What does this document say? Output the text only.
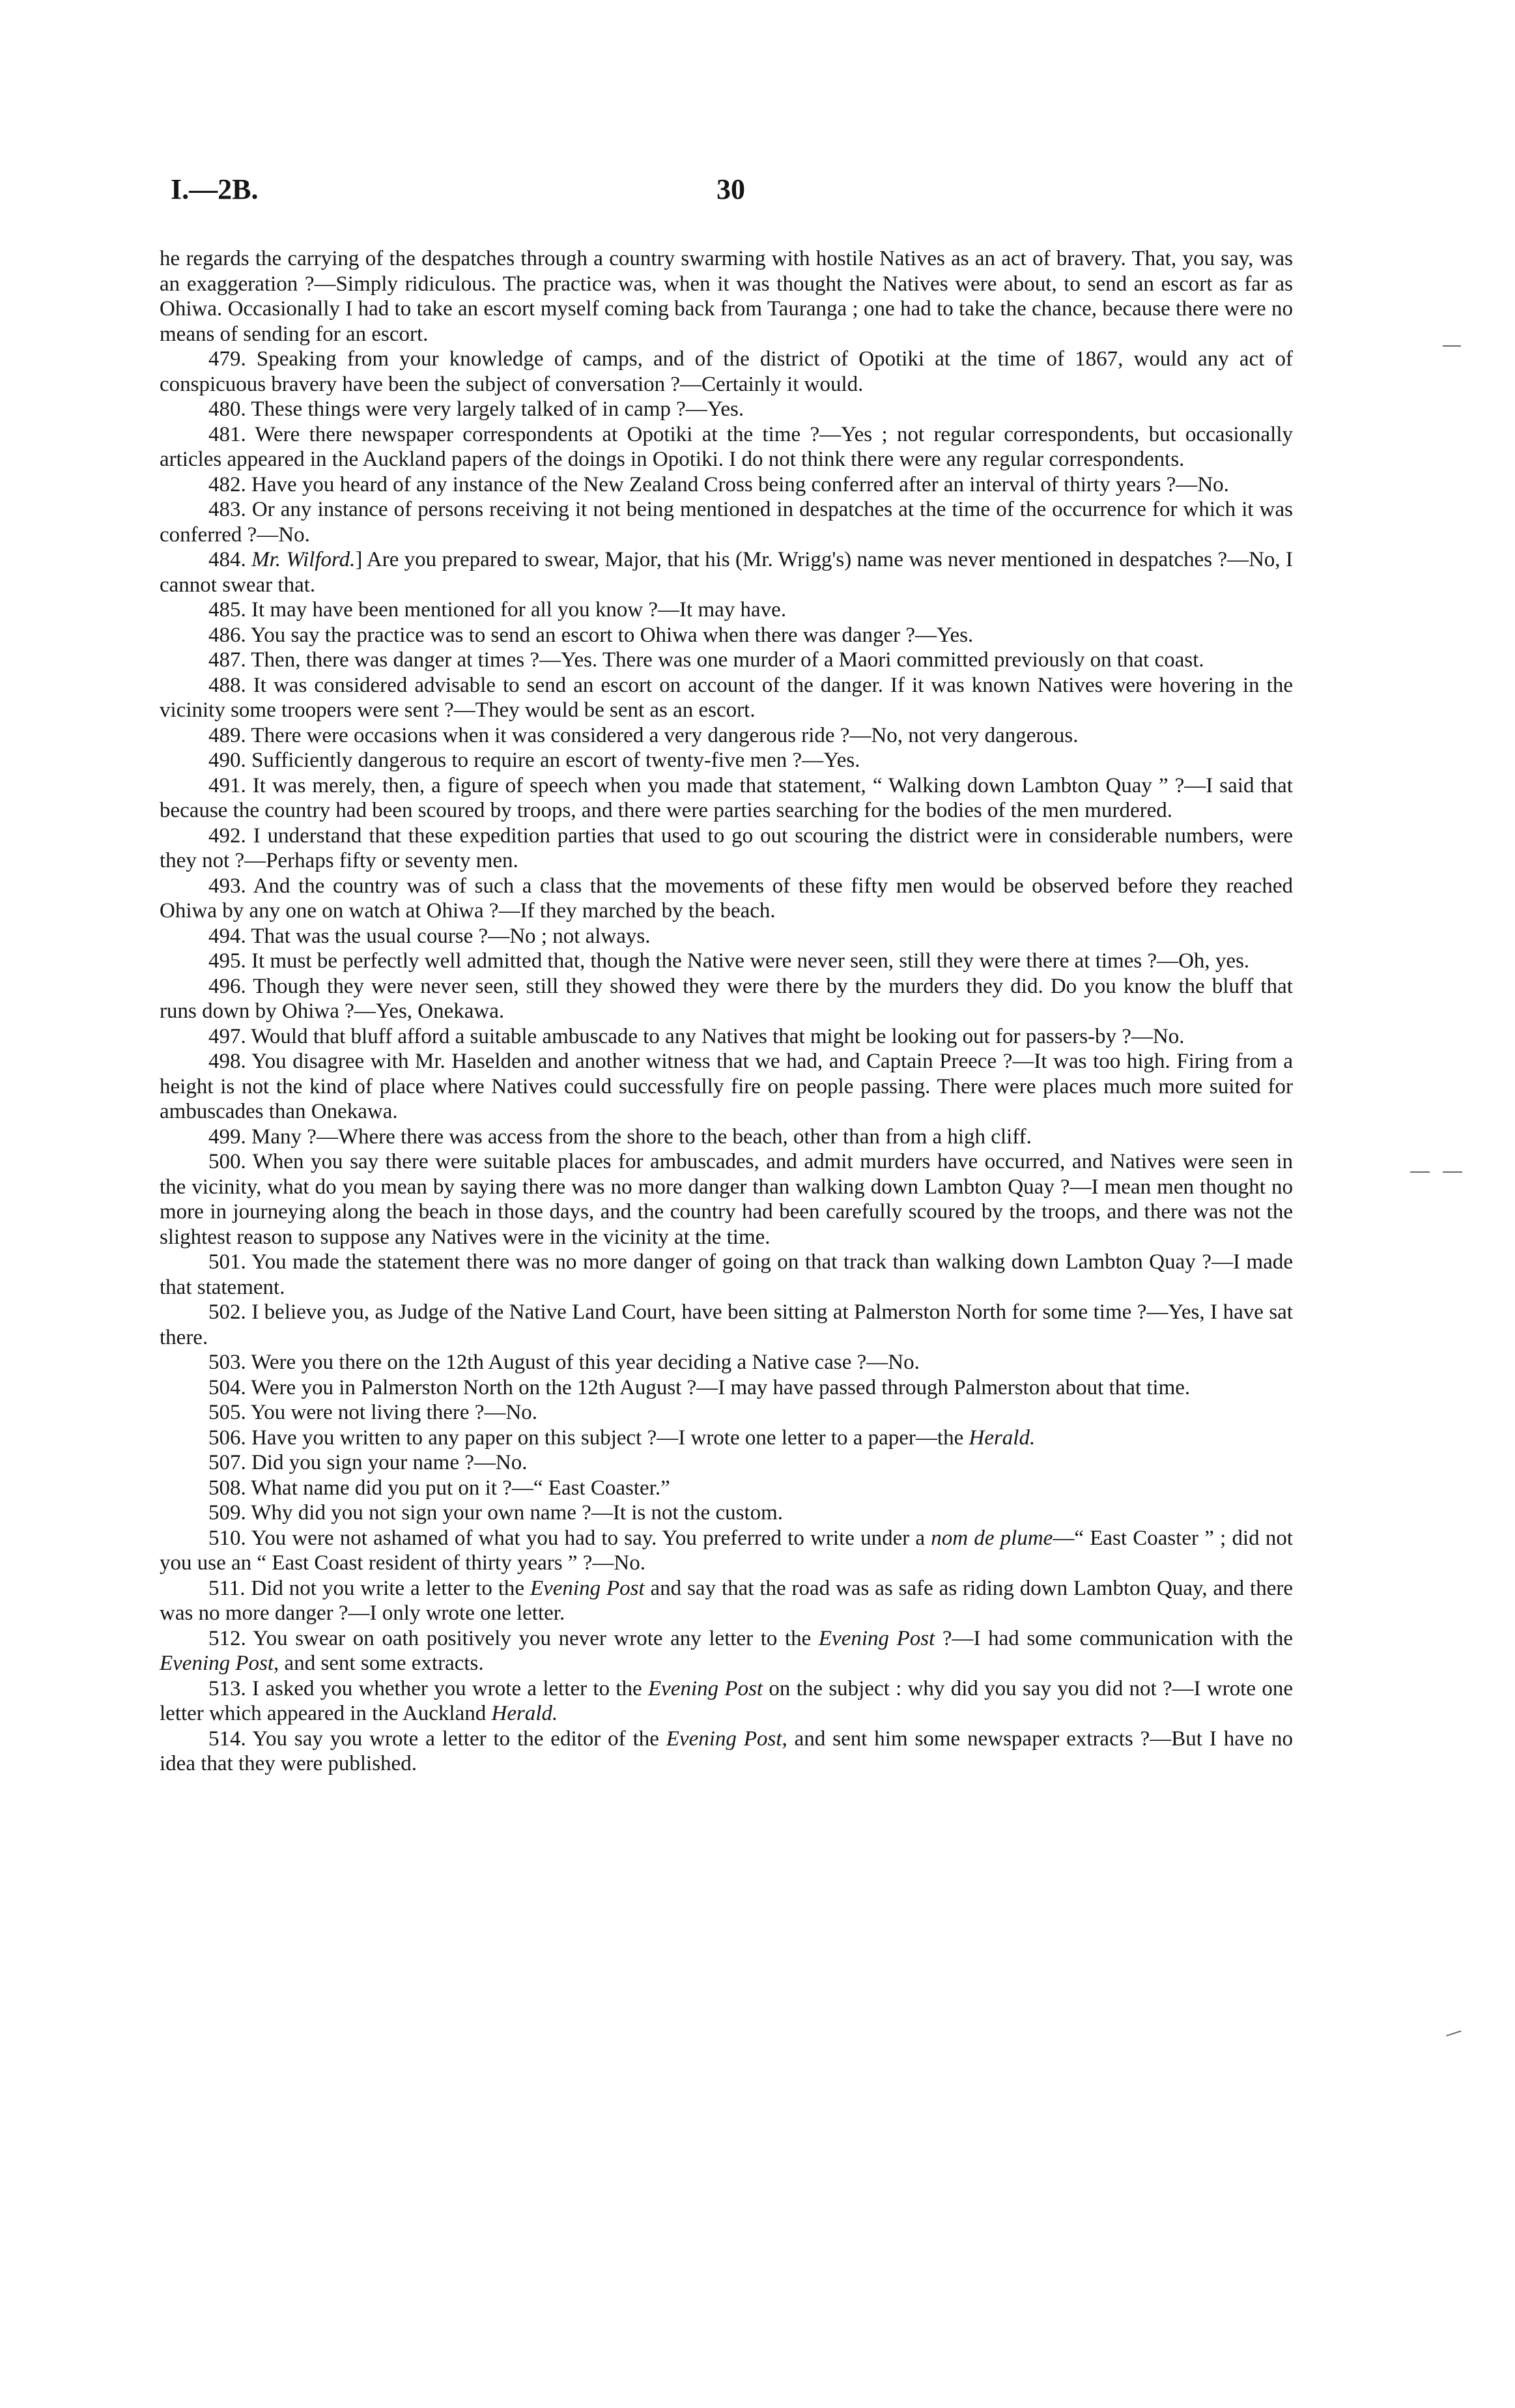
I.—2B.	30

he regards the carrying of the despatches through a country swarming with hostile Natives as an act of bravery. That, you say, was an exaggeration ?—Simply ridiculous. The practice was, when it was thought the Natives were about, to send an escort as far as Ohiwa. Occasionally I had to take an escort myself coming back from Tauranga ; one had to take the chance, because there were no means of sending for an escort.

479. Speaking from your knowledge of camps, and of the district of Opotiki at the time of 1867, would any act of conspicuous bravery have been the subject of conversation ?—Certainly it would.

480. These things were very largely talked of in camp ?—Yes.

481. Were there newspaper correspondents at Opotiki at the time ?—Yes ; not regular correspondents, but occasionally articles appeared in the Auckland papers of the doings in Opotiki. I do not think there were any regular correspondents.

482. Have you heard of any instance of the New Zealand Cross being conferred after an interval of thirty years ?—No.

483. Or any instance of persons receiving it not being mentioned in despatches at the time of the occurrence for which it was conferred ?—No.

484. Mr. Wilford.] Are you prepared to swear, Major, that his (Mr. Wrigg's) name was never mentioned in despatches ?—No, I cannot swear that.

485. It may have been mentioned for all you know ?—It may have.

486. You say the practice was to send an escort to Ohiwa when there was danger ?—Yes.

487. Then, there was danger at times ?—Yes. There was one murder of a Maori committed previously on that coast.

488. It was considered advisable to send an escort on account of the danger. If it was known Natives were hovering in the vicinity some troopers were sent ?—They would be sent as an escort.

489. There were occasions when it was considered a very dangerous ride ?—No, not very dangerous.

490. Sufficiently dangerous to require an escort of twenty-five men ?—Yes.

491. It was merely, then, a figure of speech when you made that statement, “ Walking down Lambton Quay ” ?—I said that because the country had been scoured by troops, and there were parties searching for the bodies of the men murdered.

492. I understand that these expedition parties that used to go out scouring the district were in considerable numbers, were they not ?—Perhaps fifty or seventy men.

493. And the country was of such a class that the movements of these fifty men would be observed before they reached Ohiwa by any one on watch at Ohiwa ?—If they marched by the beach.

494. That was the usual course ?—No ; not always.

495. It must be perfectly well admitted that, though the Native were never seen, still they were there at times ?—Oh, yes.

496. Though they were never seen, still they showed they were there by the murders they did. Do you know the bluff that runs down by Ohiwa ?—Yes, Onekawa.

497. Would that bluff afford a suitable ambuscade to any Natives that might be looking out for passers-by ?—No.

498. You disagree with Mr. Haselden and another witness that we had, and Captain Preece ?—It was too high. Firing from a height is not the kind of place where Natives could successfully fire on people passing. There were places much more suited for ambuscades than Onekawa.

499. Many ?—Where there was access from the shore to the beach, other than from a high cliff.

500. When you say there were suitable places for ambuscades, and admit murders have occurred, and Natives were seen in the vicinity, what do you mean by saying there was no more danger than walking down Lambton Quay ?—I mean men thought no more in journeying along the beach in those days, and the country had been carefully scoured by the troops, and there was not the slightest reason to suppose any Natives were in the vicinity at the time.

501. You made the statement there was no more danger of going on that track than walking down Lambton Quay ?—I made that statement.

502. I believe you, as Judge of the Native Land Court, have been sitting at Palmerston North for some time ?—Yes, I have sat there.

503. Were you there on the 12th August of this year deciding a Native case ?—No.

504. Were you in Palmerston North on the 12th August ?—I may have passed through Palmerston about that time.

505. You were not living there ?—No.

506. Have you written to any paper on this subject ?—I wrote one letter to a paper—the Herald.

507. Did you sign your name ?—No.

508. What name did you put on it ?—“ East Coaster.”

509. Why did you not sign your own name ?—It is not the custom.

510. You were not ashamed of what you had to say. You preferred to write under a nom de plume—“ East Coaster ” ; did not you use an “ East Coast resident of thirty years ” ?—No.

511. Did not you write a letter to the Evening Post and say that the road was as safe as riding down Lambton Quay, and there was no more danger ?—I only wrote one letter.

512. You swear on oath positively you never wrote any letter to the Evening Post ?—I had some communication with the Evening Post, and sent some extracts.

513. I asked you whether you wrote a letter to the Evening Post on the subject : why did you say you did not ?—I wrote one letter which appeared in the Auckland Herald.

514. You say you wrote a letter to the editor of the Evening Post, and sent him some newspaper extracts ?—But I have no idea that they were published.
